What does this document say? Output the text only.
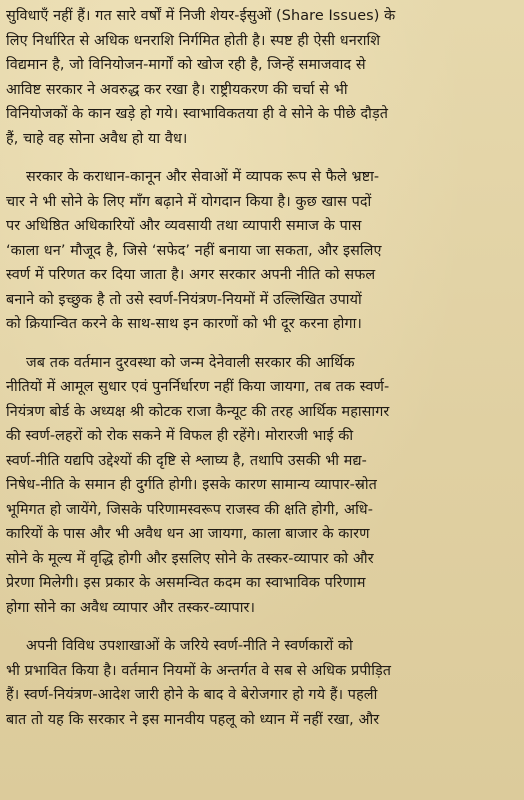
सुविधाएँ नहीं हैं। गत सारे वर्षों में निजी शेयर-ईसुओं (Share Issues) के
लिए निर्धारित से अधिक धनराशि निर्गमित होती है। स्पष्ट ही ऐसी धनराशि
विद्यमान है, जो विनियोजन-मार्गों को खोज रही है, जिन्हें समाजवाद से
आविष्ट सरकार ने अवरुद्ध कर रखा है। राष्ट्रीयकरण की चर्चा से भी
विनियोजकों के कान खड़े हो गये। स्वाभाविकतया ही वे सोने के पीछे दौड़ते
हैं, चाहे वह सोना अवैध हो या वैध।
सरकार के कराधान-कानून और सेवाओं में व्यापक रूप से फैले भ्रष्टा-
चार ने भी सोने के लिए माँग बढ़ाने में योगदान किया है। कुछ खास पदों
पर अधिष्ठित अधिकारियों और व्यवसायी तथा व्यापारी समाज के पास
‘काला धन’ मौजूद है, जिसे ‘सफेद’ नहीं बनाया जा सकता, और इसलिए
स्वर्ण में परिणत कर दिया जाता है। अगर सरकार अपनी नीति को सफल
बनाने को इच्छुक है तो उसे स्वर्ण-नियंत्रण-नियमों में उल्लिखित उपायों
को क्रियान्वित करने के साथ-साथ इन कारणों को भी दूर करना होगा।
जब तक वर्तमान दुरवस्था को जन्म देनेवाली सरकार की आर्थिक
नीतियों में आमूल सुधार एवं पुनर्निर्धारण नहीं किया जायगा, तब तक स्वर्ण-
नियंत्रण बोर्ड के अध्यक्ष श्री कोटक राजा कैन्यूट की तरह आर्थिक महासागर
की स्वर्ण-लहरों को रोक सकने में विफल ही रहेंगे। मोरारजी भाई की
स्वर्ण-नीति यद्यपि उद्देश्यों की दृष्टि से श्लाघ्य है, तथापि उसकी भी मद्य-
निषेध-नीति के समान ही दुर्गति होगी। इसके कारण सामान्य व्यापार-स्रोत
भूमिगत हो जायेंगे, जिसके परिणामस्वरूप राजस्व की क्षति होगी, अधि-
कारियों के पास और भी अवैध धन आ जायगा, काला बाजार के कारण
सोने के मूल्य में वृद्धि होगी और इसलिए सोने के तस्कर-व्यापार को और
प्रेरणा मिलेगी। इस प्रकार के असमन्वित कदम का स्वाभाविक परिणाम
होगा सोने का अवैध व्यापार और तस्कर-व्यापार।
अपनी विविध उपशाखाओं के जरिये स्वर्ण-नीति ने स्वर्णकारों को
भी प्रभावित किया है। वर्तमान नियमों के अन्तर्गत वे सब से अधिक प्रपीड़ित
हैं। स्वर्ण-नियंत्रण-आदेश जारी होने के बाद वे बेरोजगार हो गये हैं। पहली
बात तो यह कि सरकार ने इस मानवीय पहलू को ध्यान में नहीं रखा, और
